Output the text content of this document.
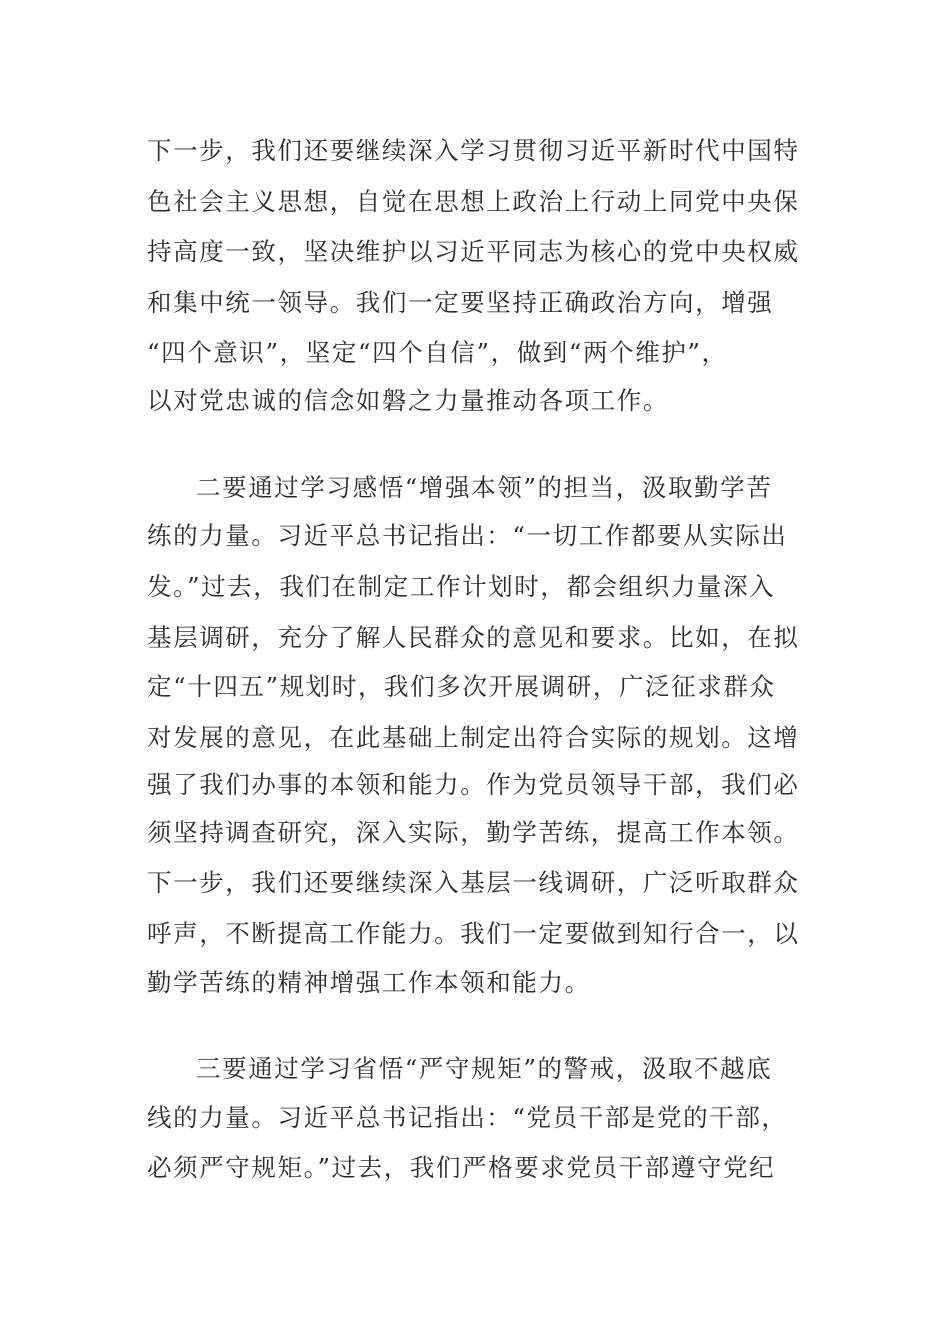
下一步，我们还要继续深入学习贯彻习近平新时代中国特
色社会主义思想，自觉在思想上政治上行动上同党中央保
持高度一致，坚决维护以习近平同志为核心的党中央权威
和集中统一领导。我们一定要坚持正确政治方向，增强
“四个意识”，坚定“四个自信”，做到“两个维护”，
以对党忠诚的信念如磐之力量推动各项工作。
二要通过学习感悟“增强本领”的担当，汲取勤学苦
练的力量。习近平总书记指出：“一切工作都要从实际出
发。”过去，我们在制定工作计划时，都会组织力量深入
基层调研，充分了解人民群众的意见和要求。比如，在拟
定“十四五”规划时，我们多次开展调研，广泛征求群众
对发展的意见，在此基础上制定出符合实际的规划。这增
强了我们办事的本领和能力。作为党员领导干部，我们必
须坚持调查研究，深入实际，勤学苦练，提高工作本领。
下一步，我们还要继续深入基层一线调研，广泛听取群众
呼声，不断提高工作能力。我们一定要做到知行合一，以
勤学苦练的精神增强工作本领和能力。
三要通过学习省悟“严守规矩”的警戒，汲取不越底
线的力量。习近平总书记指出：“党员干部是党的干部，
必须严守规矩。”过去，我们严格要求党员干部遵守党纪
